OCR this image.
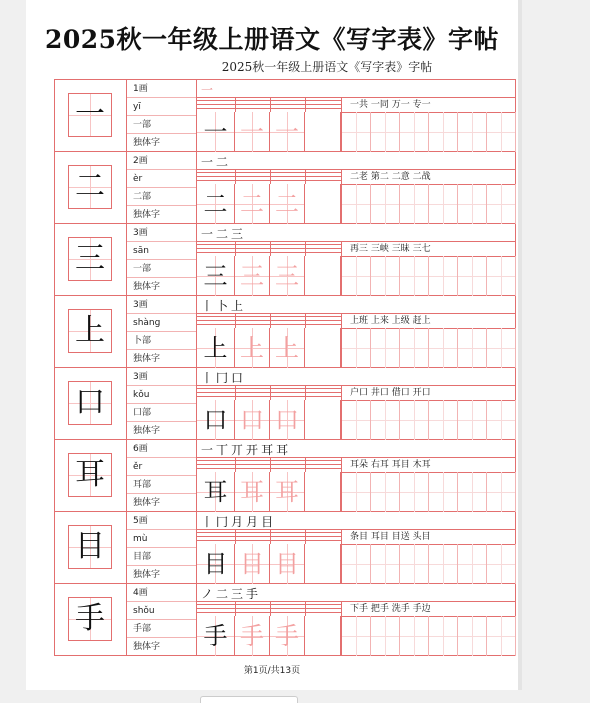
2025秋一年级上册语文《写字表》字帖
2025秋一年级上册语文《写字表》字帖
一
1画
yī
一部
独体字
一
一 一 一
一共 一同 万一 专一
二
2画
èr
二部
独体字
一二
二 二 二
二老 第二 二意 二战
三
3画
sān
一部
独体字
一二三
三 三 三
再三 三峡 三昧 三七
上
3画
shàng
卜部
独体字
丨卜上
上 上 上
上班 上来 上级 赶上
口
3画
kǒu
口部
独体字
丨冂口
口 口 口
户口 井口 借口 开口
耳
6画
ěr
耳部
独体字
一丅丌开耳耳
耳 耳 耳
耳朵 右耳 耳目 木耳
目
5画
mù
目部
独体字
丨冂月月目
目 目 目
条目 耳目 目送 头目
手
4画
shǒu
手部
独体字
ノ二三手
手 手 手
下手 把手 洗手 手边
第1页/共13页
